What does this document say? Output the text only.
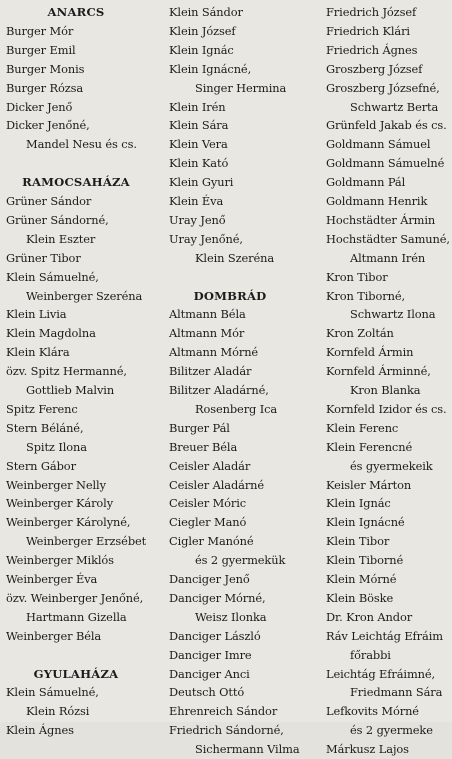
ANARCS
Burger Mór
Burger Emil
Burger Monis
Burger Rózsa
Dicker Jenő
Dicker Jenőné,
Mandel Nesu és cs.
RAMOCSAHÁZA
Grüner Sándor
Grüner Sándorné,
Klein Eszter
Grüner Tibor
Klein Sámuelné,
Weinberger Szeréna
Klein Livia
Klein Magdolna
Klein Klára
özv. Spitz Hermanné,
Gottlieb Malvin
Spitz Ferenc
Stern Béláné,
Spitz Ilona
Stern Gábor
Weinberger Nelly
Weinberger Károly
Weinberger Károlyné,
Weinberger Erzsébet
Weinberger Miklós
Weinberger Éva
özv. Weinberger Jenőné,
Hartmann Gizella
Weinberger Béla
GYULAHÁZA
Klein Sámuelné,
Klein Rózsi
Klein Ágnes
Klein Sándor
Klein József
Klein Ignác
Klein Ignácné,
Singer Hermina
Klein Irén
Klein Sára
Klein Vera
Klein Kató
Klein Gyuri
Klein Éva
Uray Jenő
Uray Jenőné,
Klein Szeréna
DOMBRÁD
Altmann Béla
Altmann Mór
Altmann Mórné
Bilitzer Aladár
Bilitzer Aladárné,
Rosenberg Ica
Burger Pál
Breuer Béla
Ceisler Aladár
Ceisler Aladárné
Ceisler Móric
Ciegler Manó
Cigler Manóné
és 2 gyermekük
Danciger Jenő
Danciger Mórné,
Weisz Ilonka
Danciger László
Danciger Imre
Danciger Anci
Deutsch Ottó
Ehrenreich Sándor
Friedrich Sándorné,
Sichermann Vilma
Friedrich József
Friedrich Klári
Friedrich Ágnes
Groszberg József
Groszberg Józsefné,
Schwartz Berta
Grünfeld Jakab és cs.
Goldmann Sámuel
Goldmann Sámuelné
Goldmann Pál
Goldmann Henrik
Hochstädter Ármin
Hochstädter Samuné,
Altmann Irén
Kron Tibor
Kron Tiborné,
Schwartz Ilona
Kron Zoltán
Kornfeld Ármin
Kornfeld Árminné,
Kron Blanka
Kornfeld Izidor és cs.
Klein Ferenc
Klein Ferencné
és gyermekeik
Keisler Márton
Klein Ignác
Klein Ignácné
Klein Tibor
Klein Tiborné
Klein Mórné
Klein Böske
Dr. Kron Andor
Ráv Leichtág Efráim
főrabbi
Leichtág Efráimné,
Friedmann Sára
Lefkovits Mórné
és 2 gyermeke
Márkusz Lajos
